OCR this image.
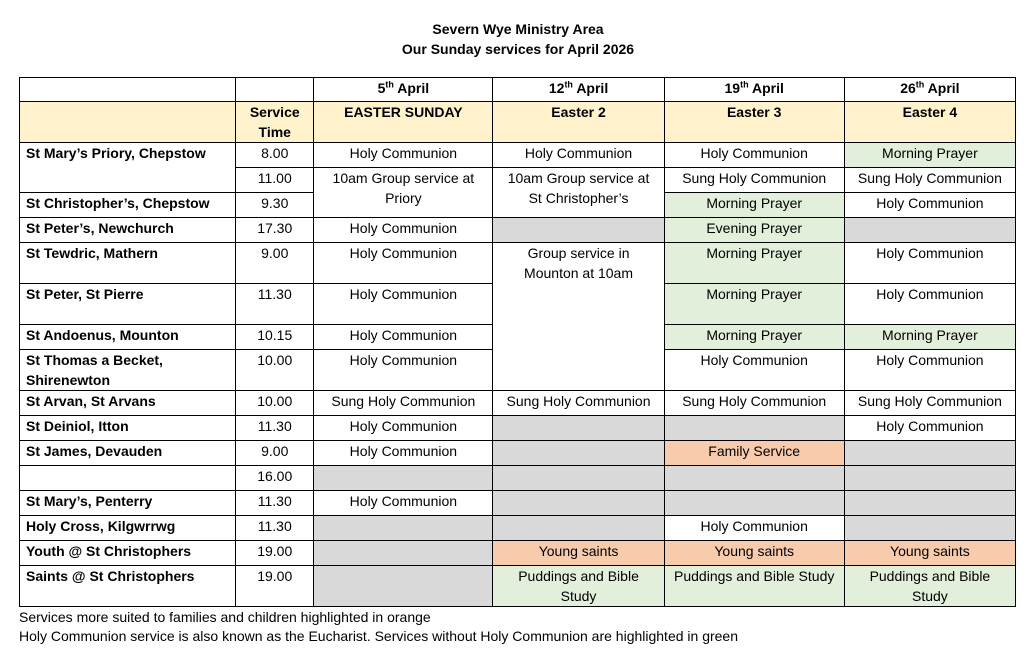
Severn Wye Ministry Area
Our Sunday services for April 2026
		5th April	12th April	19th April	26th April
	Service Time	EASTER SUNDAY	Easter 2	Easter 3	Easter 4
St Mary’s Priory, Chepstow	8.00	Holy Communion	Holy Communion	Holy Communion	Morning Prayer
	11.00	10am Group service at Priory	10am Group service at St Christopher’s	Sung Holy Communion	Sung Holy Communion
St Christopher’s, Chepstow	9.30			Morning Prayer	Holy Communion
St Peter’s, Newchurch	17.30	Holy Communion		Evening Prayer	
St Tewdric, Mathern	9.00	Holy Communion	Group service in Mounton at 10am	Morning Prayer	Holy Communion
St Peter, St Pierre	11.30	Holy Communion		Morning Prayer	Holy Communion
St Andoenus, Mounton	10.15	Holy Communion		Morning Prayer	Morning Prayer
St Thomas a Becket, Shirenewton	10.00	Holy Communion		Holy Communion	Holy Communion
St Arvan, St Arvans	10.00	Sung Holy Communion	Sung Holy Communion	Sung Holy Communion	Sung Holy Communion
St Deiniol, Itton	11.30	Holy Communion			Holy Communion
St James, Devauden	9.00	Holy Communion		Family Service	
	16.00				
St Mary’s, Penterry	11.30	Holy Communion			
Holy Cross, Kilgwrrwg	11.30			Holy Communion	
Youth @ St Christophers	19.00		Young saints	Young saints	Young saints
Saints @ St Christophers	19.00		Puddings and Bible Study	Puddings and Bible Study	Puddings and Bible Study
Services more suited to families and children highlighted in orange
Holy Communion service is also known as the Eucharist. Services without Holy Communion are highlighted in green
